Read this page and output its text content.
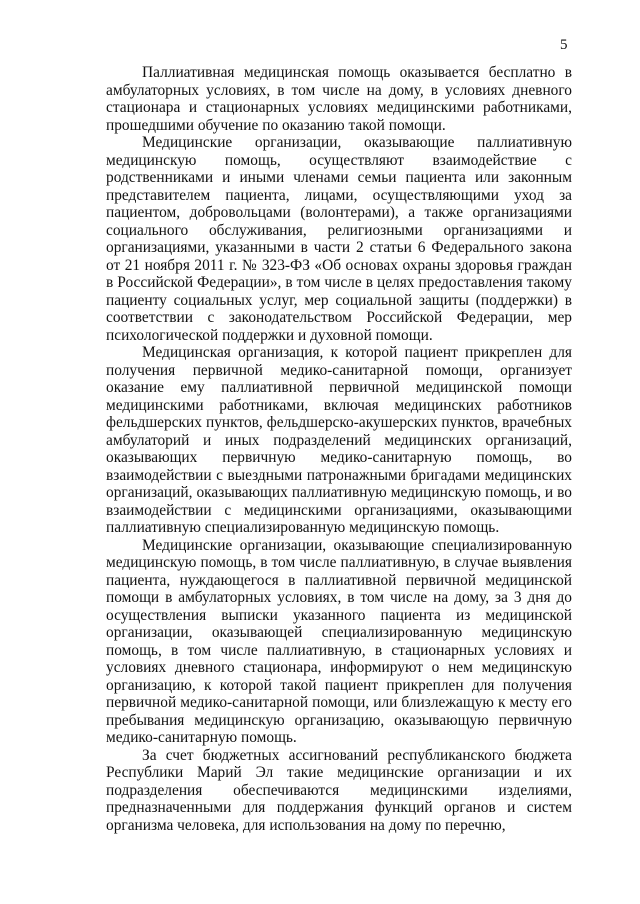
5

Паллиативная медицинская помощь оказывается бесплатно в амбулаторных условиях, в том числе на дому, в условиях дневного стационара и стационарных условиях медицинскими работниками, прошедшими обучение по оказанию такой помощи.

Медицинские организации, оказывающие паллиативную медицинскую помощь, осуществляют взаимодействие с родственниками и иными членами семьи пациента или законным представителем пациента, лицами, осуществляющими уход за пациентом, добровольцами (волонтерами), а также организациями социального обслуживания, религиозными организациями и организациями, указанными в части 2 статьи 6 Федерального закона от 21 ноября 2011 г. № 323-ФЗ «Об основах охраны здоровья граждан в Российской Федерации», в том числе в целях предоставления такому пациенту социальных услуг, мер социальной защиты (поддержки) в соответствии с законодательством Российской Федерации, мер психологической поддержки и духовной помощи.

Медицинская организация, к которой пациент прикреплен для получения первичной медико-санитарной помощи, организует оказание ему паллиативной первичной медицинской помощи медицинскими работниками, включая медицинских работников фельдшерских пунктов, фельдшерско-акушерских пунктов, врачебных амбулаторий и иных подразделений медицинских организаций, оказывающих первичную медико-санитарную помощь, во взаимодействии с выездными патронажными бригадами медицинских организаций, оказывающих паллиативную медицинскую помощь, и во взаимодействии с медицинскими организациями, оказывающими паллиативную специализированную медицинскую помощь.

Медицинские организации, оказывающие специализированную медицинскую помощь, в том числе паллиативную, в случае выявления пациента, нуждающегося в паллиативной первичной медицинской помощи в амбулаторных условиях, в том числе на дому, за 3 дня до осуществления выписки указанного пациента из медицинской организации, оказывающей специализированную медицинскую помощь, в том числе паллиативную, в стационарных условиях и условиях дневного стационара, информируют о нем медицинскую организацию, к которой такой пациент прикреплен для получения первичной медико-санитарной помощи, или близлежащую к месту его пребывания медицинскую организацию, оказывающую первичную медико-санитарную помощь.

За счет бюджетных ассигнований республиканского бюджета Республики Марий Эл такие медицинские организации и их подразделения обеспечиваются медицинскими изделиями, предназначенными для поддержания функций органов и систем организма человека, для использования на дому по перечню,
